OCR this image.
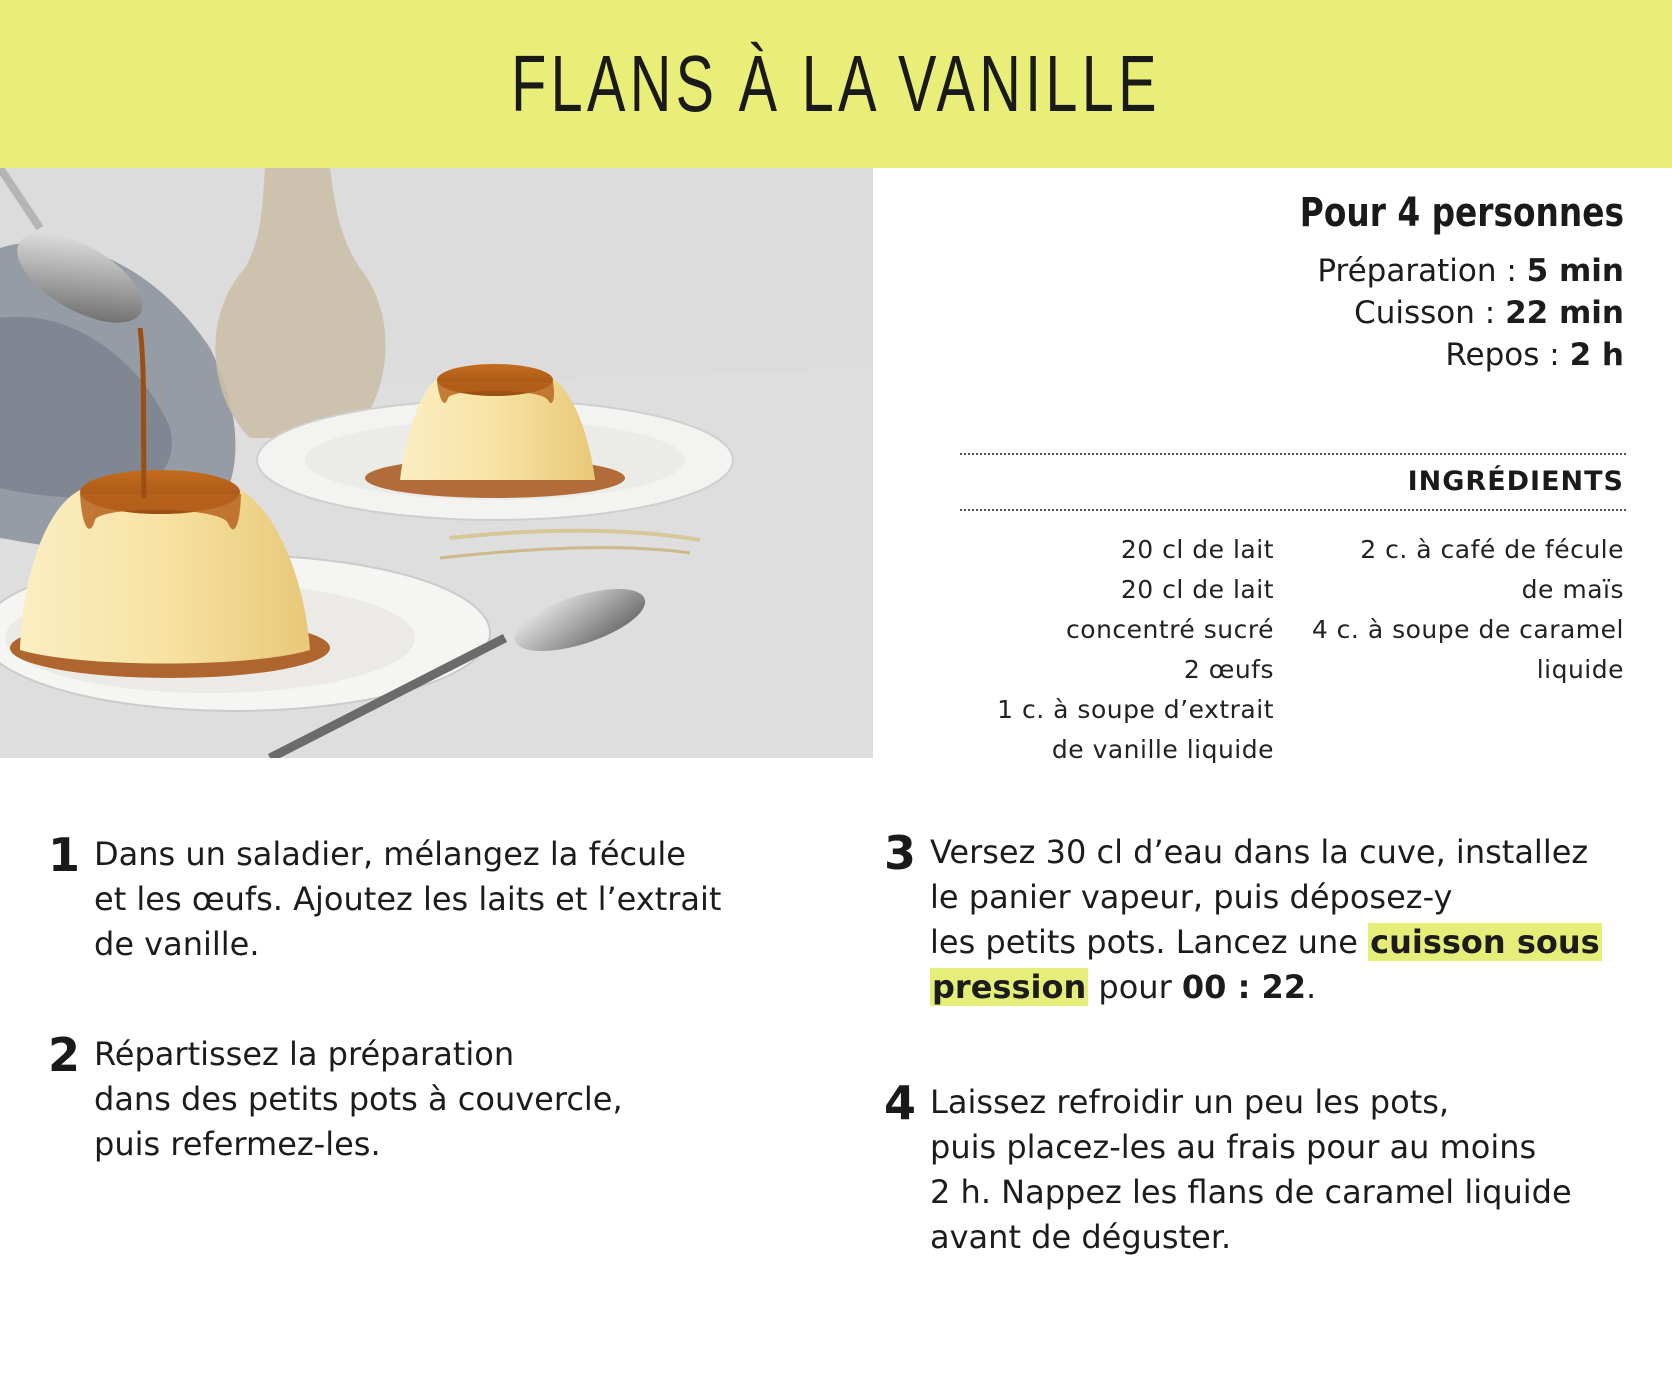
FLANS À LA VANILLE
Pour 4 personnes
Préparation : 5 min
Cuisson : 22 min
Repos : 2 h
INGRÉDIENTS
20 cl de lait
20 cl de lait
concentré sucré
2 œufs
1 c. à soupe d’extrait
de vanille liquide
2 c. à café de fécule
de maïs
4 c. à soupe de caramel
liquide
1 Dans un saladier, mélangez la fécule
et les œufs. Ajoutez les laits et l’extrait
de vanille.
2 Répartissez la préparation
dans des petits pots à couvercle,
puis refermez-les.
3 Versez 30 cl d’eau dans la cuve, installez
le panier vapeur, puis déposez-y
les petits pots. Lancez une cuisson sous
pression pour 00 : 22.
4 Laissez refroidir un peu les pots,
puis placez-les au frais pour au moins
2 h. Nappez les flans de caramel liquide
avant de déguster.
